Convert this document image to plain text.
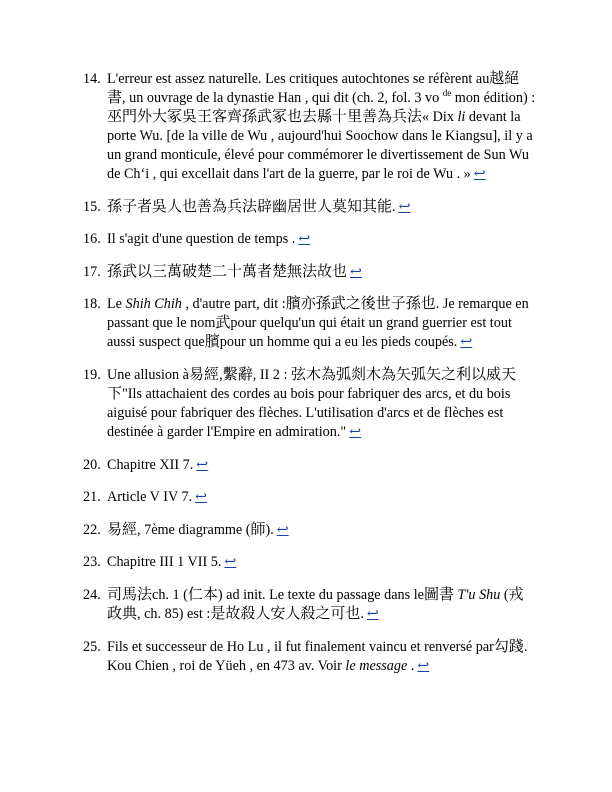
14. L'erreur est assez naturelle. Les critiques autochtones se réfèrent au越絕書, un ouvrage de la dynastie Han , qui dit (ch. 2, fol. 3 vo $^{de}$ mon édition) :巫門外大冢吳王客齊孫武冢也去縣十里善為兵法« Dix li devant la porte Wu. [de la ville de Wu , aujourd'hui Soochow dans le Kiangsu], il y a un grand monticule, élevé pour commémorer le divertissement de Sun Wu de Chʻi , qui excellait dans l'art de la guerre, par le roi de Wu . » ↩
15. 孫子者吳人也善為兵法辟幽居世人莫知其能. ↩
16. Il s'agit d'une question de temps . ↩
17. 孫武以三萬破楚二十萬者楚無法故也 ↩
18. Le Shih Chih , d'autre part, dit :臏亦孫武之後世子孫也. Je remarque en passant que le nom武pour quelqu'un qui était un grand guerrier est tout aussi suspect que臏pour un homme qui a eu les pieds coupés. ↩
19. Une allusion à易經,繫辭, II 2 : 弦木為弧剡木為矢弧矢之利以威天下"Ils attachaient des cordes au bois pour fabriquer des arcs, et du bois aiguisé pour fabriquer des flèches. L'utilisation d'arcs et de flèches est destinée à garder l'Empire en admiration." ↩
20. Chapitre XII 7. ↩
21. Article V IV 7. ↩
22. 易經, 7ème diagramme (師). ↩
23. Chapitre III 1 VII 5. ↩
24. 司馬法ch. 1 (仁本) ad init. Le texte du passage dans le圖書 T'u Shu (戎政典, ch. 85) est :是故殺人安人殺之可也. ↩
25. Fils et successeur de Ho Lu , il fut finalement vaincu et renversé par勾踐. Kou Chien , roi de Yüeh , en 473 av. Voir le message . ↩
